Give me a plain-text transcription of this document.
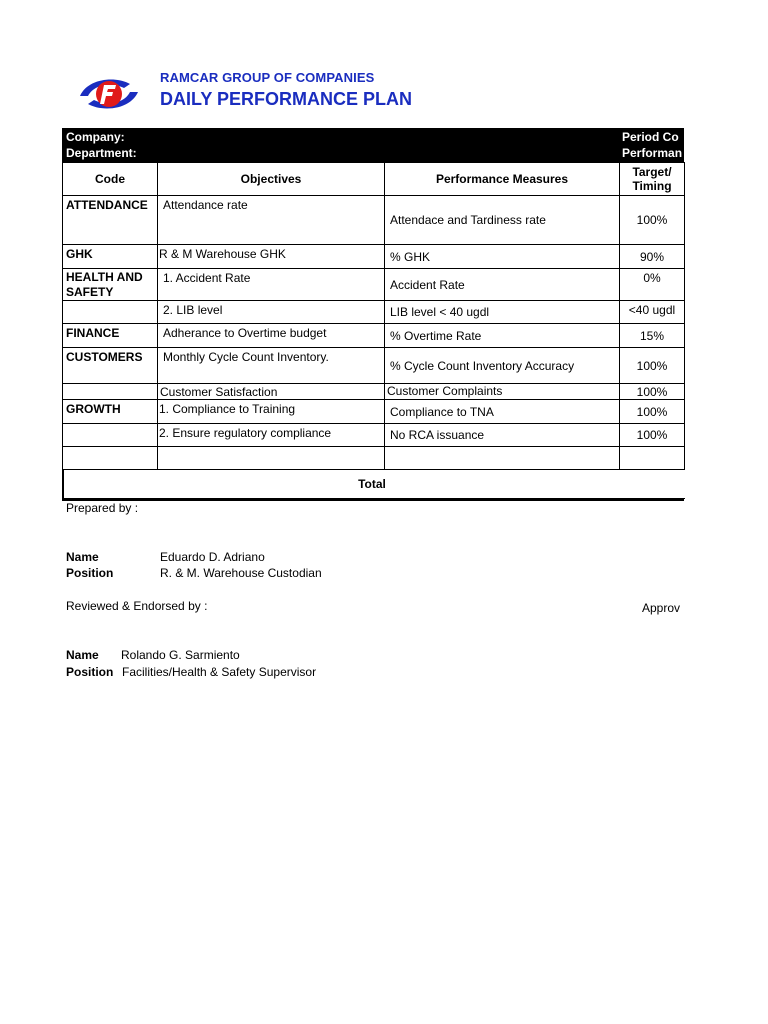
RAMCAR GROUP OF COMPANIES
DAILY PERFORMANCE PLAN
Company:
Department:
Period Co
Performan
Code	Objectives	Performance Measures	Target/
Timing
ATTENDANCE	Attendance rate	Attendace and Tardiness rate	100%
GHK	R & M Warehouse GHK	% GHK	90%
HEALTH AND SAFETY	1. Accident Rate	Accident Rate	0%
	2. LIB level	LIB level < 40 ugdl	<40 ugdl
FINANCE	Adherance to Overtime budget	% Overtime Rate	15%
CUSTOMERS	Monthly Cycle Count Inventory.	% Cycle Count Inventory Accuracy	100%
	Customer Satisfaction	Customer Complaints	100%
GROWTH	1. Compliance to Training	Compliance to TNA	100%
	2. Ensure regulatory compliance	No RCA issuance	100%

Total			
Prepared by :
Name	Eduardo D. Adriano
Position	R. & M. Warehouse Custodian
Reviewed & Endorsed by :	Approv
Name Rolando G. Sarmiento
Position Facilities/Health & Safety Supervisor
